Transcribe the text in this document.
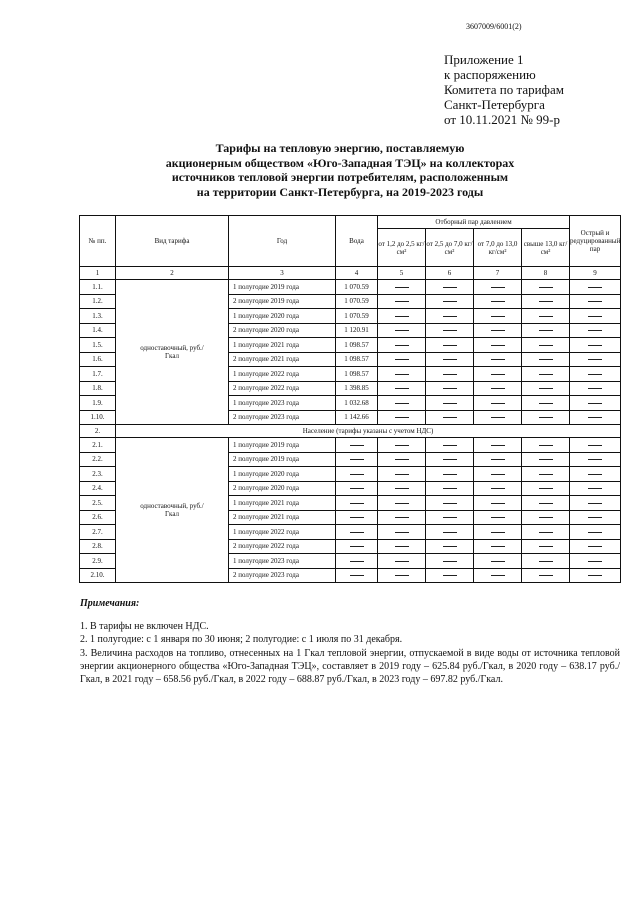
3607009/6001(2)
Приложение 1
к распоряжению
Комитета по тарифам
Санкт-Петербурга
от 10.11.2021 № 99-р
Тарифы на тепловую энергию, поставляемую
акционерным обществом «Юго-Западная ТЭЦ» на коллекторах
источников тепловой энергии потребителям, расположенным
на территории Санкт-Петербурга, на 2019-2023 годы
№ пп.	Вид тарифа	Год	Вода	Отборный пар давлением				Острый и редуцированный пар
				от 1,2 до 2,5 кг/см²	от 2,5 до 7,0 кг/см²	от 7,0 до 13,0 кг/см²	свыше 13,0 кг/см²	
1	2	3	4	5	6	7	8	9
1.1.	одноставочный, руб./Гкал	1 полугодие 2019 года	1 070.59					
1.2.		2 полугодие 2019 года	1 070.59					
1.3.		1 полугодие 2020 года	1 070.59					
1.4.		2 полугодие 2020 года	1 120.91					
1.5.		1 полугодие 2021 года	1 098.57					
1.6.		2 полугодие 2021 года	1 098.57					
1.7.		1 полугодие 2022 года	1 098.57					
1.8.		2 полугодие 2022 года	1 398.85					
1.9.		1 полугодие 2023 года	1 032.68					
1.10.		2 полугодие 2023 года	1 142.66					
2.	Население (тарифы указаны с учетом НДС)							
2.1.	одноставочный, руб./Гкал	1 полугодие 2019 года						
2.2.		2 полугодие 2019 года						
2.3.		1 полугодие 2020 года						
2.4.		2 полугодие 2020 года						
2.5.		1 полугодие 2021 года						
2.6.		2 полугодие 2021 года						
2.7.		1 полугодие 2022 года						
2.8.		2 полугодие 2022 года						
2.9.		1 полугодие 2023 года						
2.10.		2 полугодие 2023 года						
Примечания:
1. В тарифы не включен НДС.
2. 1 полугодие: с 1 января по 30 июня; 2 полугодие: с 1 июля по 31 декабря.
3. Величина расходов на топливо, отнесенных на 1 Гкал тепловой энергии, отпускаемой в виде воды от источника тепловой энергии акционерного общества «Юго-Западная ТЭЦ», составляет в 2019 году – 625.84 руб./Гкал, в 2020 году – 638.17 руб./Гкал, в 2021 году – 658.56 руб./Гкал, в 2022 году – 688.87 руб./Гкал, в 2023 году – 697.82 руб./Гкал.
